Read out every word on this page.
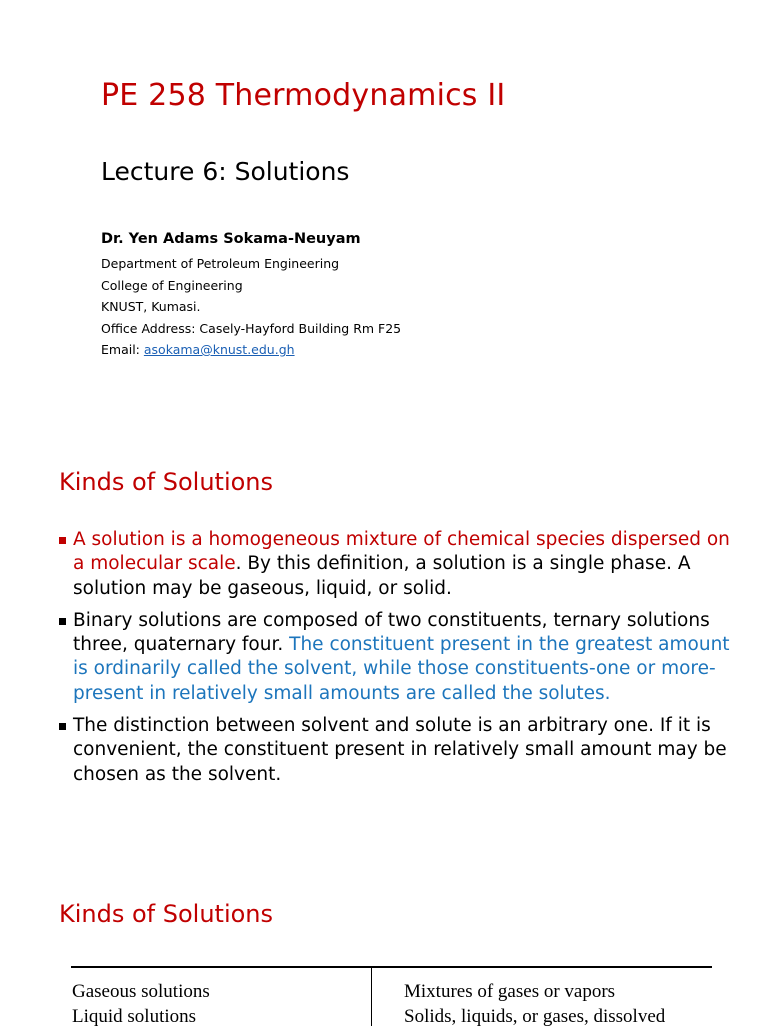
PE 258 Thermodynamics II
Lecture 6: Solutions

Dr. Yen Adams Sokama-Neuyam

Department of Petroleum Engineering
College of Engineering
KNUST, Kumasi.
Office Address: Casely-Hayford Building Rm F25
Email: asokama@knust.edu.gh
Kinds of Solutions
A solution is a homogeneous mixture of chemical species dispersed on a molecular scale. By this definition, a solution is a single phase. A solution may be gaseous, liquid, or solid.
Binary solutions are composed of two constituents, ternary solutions three, quaternary four. The constituent present in the greatest amount is ordinarily called the solvent, while those constituents-one or more-present in relatively small amounts are called the solutes.
The distinction between solvent and solute is an arbitrary one. If it is convenient, the constituent present in relatively small amount may be chosen as the solvent.
Kinds of Solutions
Gaseous solutions	Mixtures of gases or vapors
Liquid solutions	Solids, liquids, or gases, dissolved
